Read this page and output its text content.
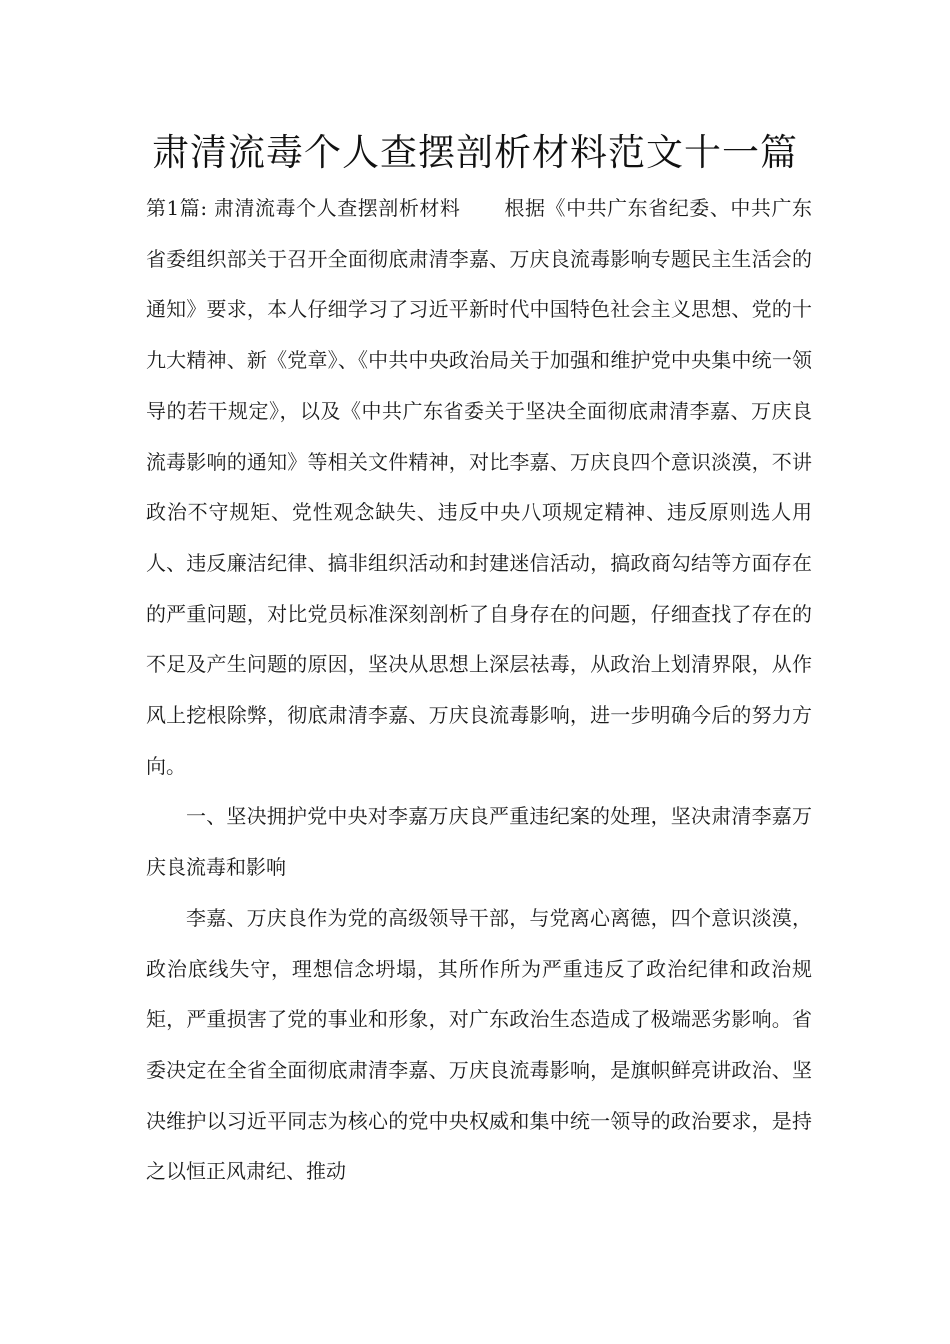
肃清流毒个人查摆剖析材料范文十一篇

第1篇: 肃清流毒个人查摆剖析材料 根据《中共广东省纪委、中共广东省委组织部关于召开全面彻底肃清李嘉、万庆良流毒影响专题民主生活会的通知》要求，本人仔细学习了习近平新时代中国特色社会主义思想、党的十九大精神、新《党章》、《中共中央政治局关于加强和维护党中央集中统一领导的若干规定》，以及《中共广东省委关于坚决全面彻底肃清李嘉、万庆良流毒影响的通知》等相关文件精神，对比李嘉、万庆良四个意识淡漠，不讲政治不守规矩、党性观念缺失、违反中央八项规定精神、违反原则选人用人、违反廉洁纪律、搞非组织活动和封建迷信活动，搞政商勾结等方面存在的严重问题，对比党员标准深刻剖析了自身存在的问题，仔细查找了存在的不足及产生问题的原因，坚决从思想上深层祛毒，从政治上划清界限，从作风上挖根除弊，彻底肃清李嘉、万庆良流毒影响，进一步明确今后的努力方向。

一、坚决拥护党中央对李嘉万庆良严重违纪案的处理，坚决肃清李嘉万庆良流毒和影响

李嘉、万庆良作为党的高级领导干部，与党离心离德，四个意识淡漠，政治底线失守，理想信念坍塌，其所作所为严重违反了政治纪律和政治规矩，严重损害了党的事业和形象，对广东政治生态造成了极端恶劣影响。省委决定在全省全面彻底肃清李嘉、万庆良流毒影响，是旗帜鲜亮讲政治、坚决维护以习近平同志为核心的党中央权威和集中统一领导的政治要求，是持之以恒正风肃纪、推动
